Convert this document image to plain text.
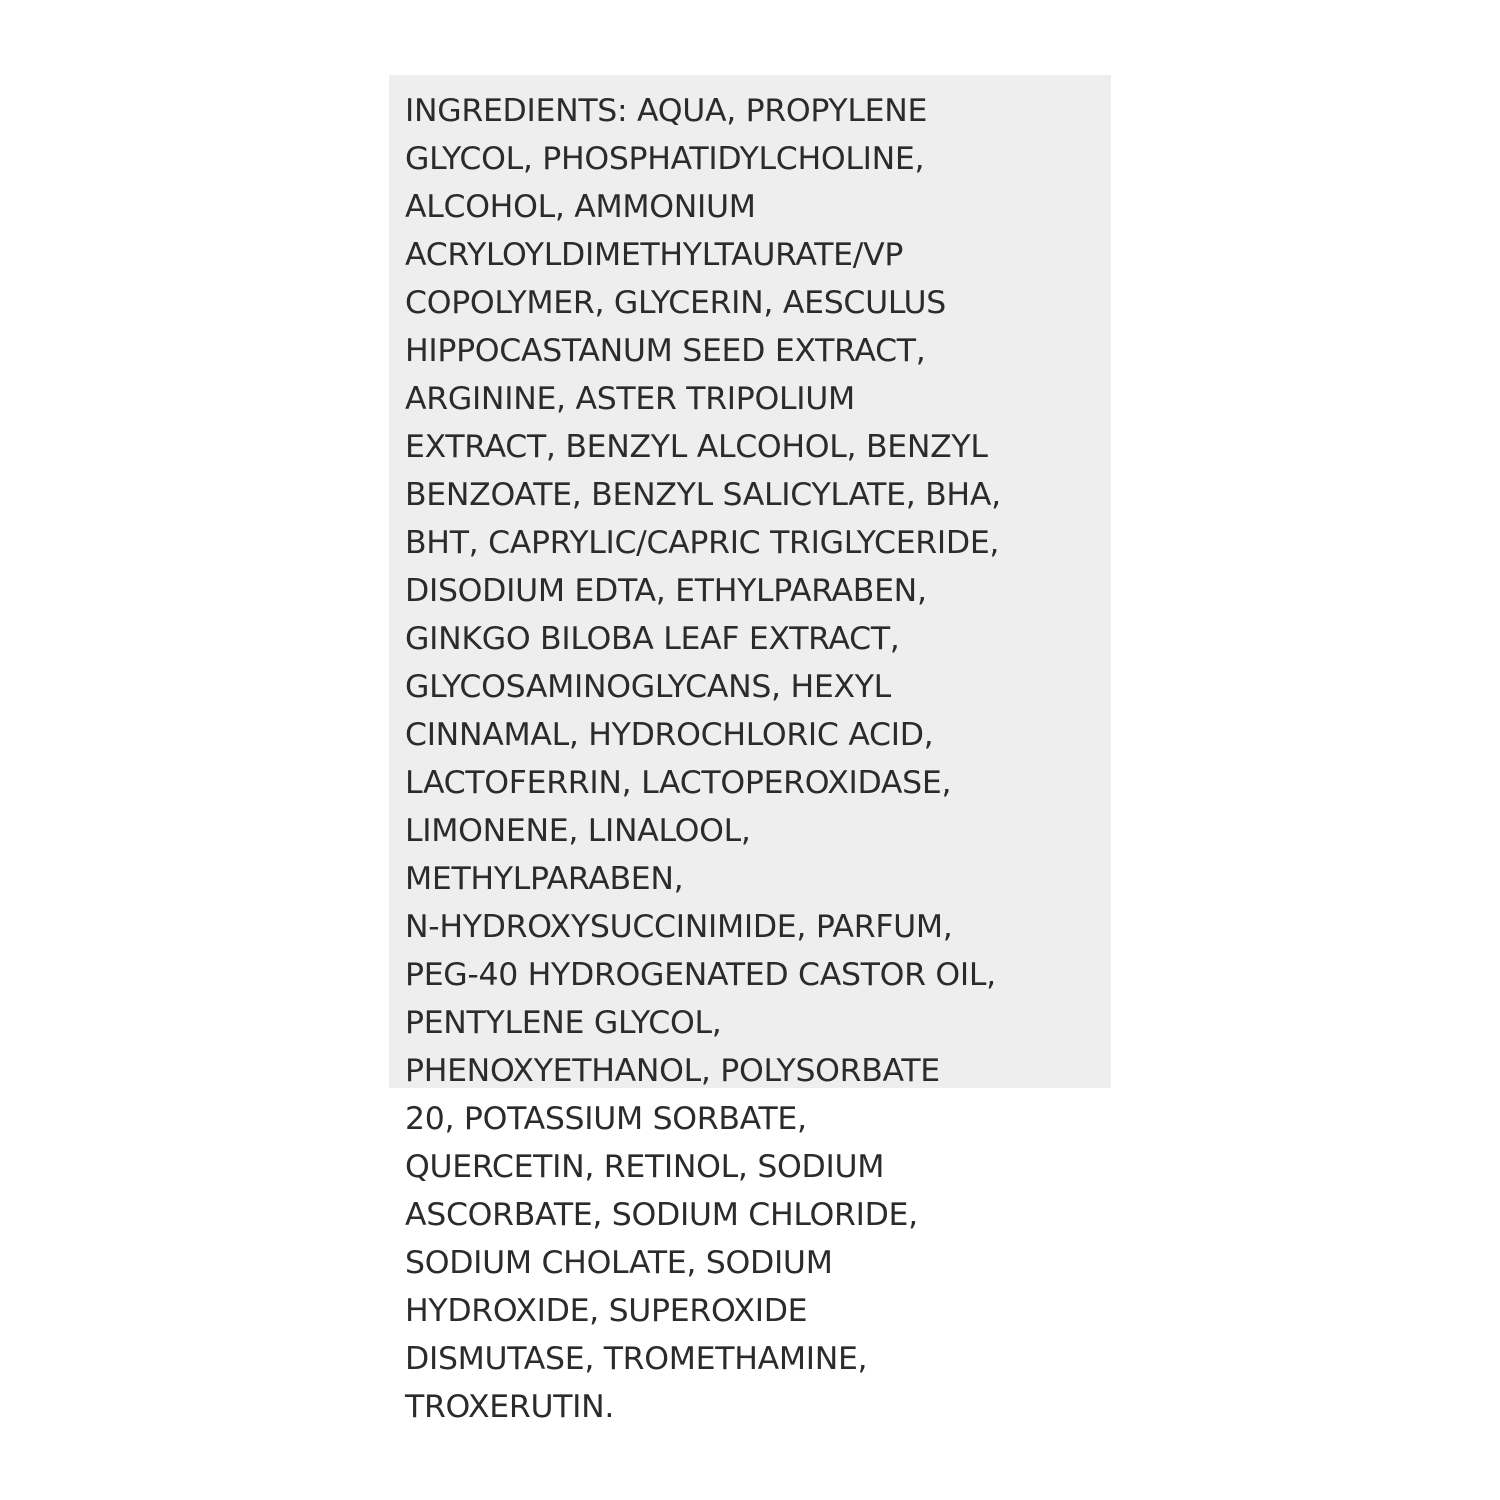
INGREDIENTS: AQUA, PROPYLENE
GLYCOL, PHOSPHATIDYLCHOLINE,
ALCOHOL, AMMONIUM
ACRYLOYLDIMETHYLTAURATE/VP
COPOLYMER, GLYCERIN, AESCULUS
HIPPOCASTANUM SEED EXTRACT,
ARGININE, ASTER TRIPOLIUM
EXTRACT, BENZYL ALCOHOL, BENZYL
BENZOATE, BENZYL SALICYLATE, BHA,
BHT, CAPRYLIC/CAPRIC TRIGLYCERIDE,
DISODIUM EDTA, ETHYLPARABEN,
GINKGO BILOBA LEAF EXTRACT,
GLYCOSAMINOGLYCANS, HEXYL
CINNAMAL, HYDROCHLORIC ACID,
LACTOFERRIN, LACTOPEROXIDASE,
LIMONENE, LINALOOL,
METHYLPARABEN,
N-HYDROXYSUCCINIMIDE, PARFUM,
PEG-40 HYDROGENATED CASTOR OIL,
PENTYLENE GLYCOL,
PHENOXYETHANOL, POLYSORBATE
20, POTASSIUM SORBATE,
QUERCETIN, RETINOL, SODIUM
ASCORBATE, SODIUM CHLORIDE,
SODIUM CHOLATE, SODIUM
HYDROXIDE, SUPEROXIDE
DISMUTASE, TROMETHAMINE,
TROXERUTIN.
